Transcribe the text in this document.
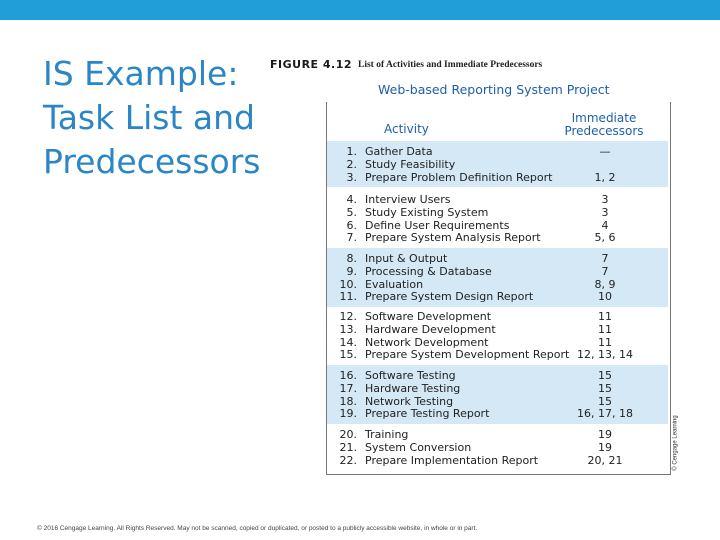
IS Example:
Task List and
Predecessors
FIGURE 4.12 List of Activities and Immediate Predecessors
Web-based Reporting System Project
Activity
Immediate
Predecessors
1. Gather Data	—
2. Study Feasibility
3. Prepare Problem Definition Report	1, 2
4. Interview Users	3
5. Study Existing System	3
6. Define User Requirements	4
7. Prepare System Analysis Report	5, 6
8. Input & Output	7
9. Processing & Database	7
10. Evaluation	8, 9
11. Prepare System Design Report	10
12. Software Development	11
13. Hardware Development	11
14. Network Development	11
15. Prepare System Development Report 12, 13, 14
16. Software Testing	15
17. Hardware Testing	15
18. Network Testing	15
19. Prepare Testing Report	16, 17, 18
20. Training	19
21. System Conversion	19
22. Prepare Implementation Report	20, 21	© Cengage Learning
© 2016 Cengage Learning. All Rights Reserved. May not be scanned, copied or duplicated, or posted to a publicly accessible website, in whole or in part.
